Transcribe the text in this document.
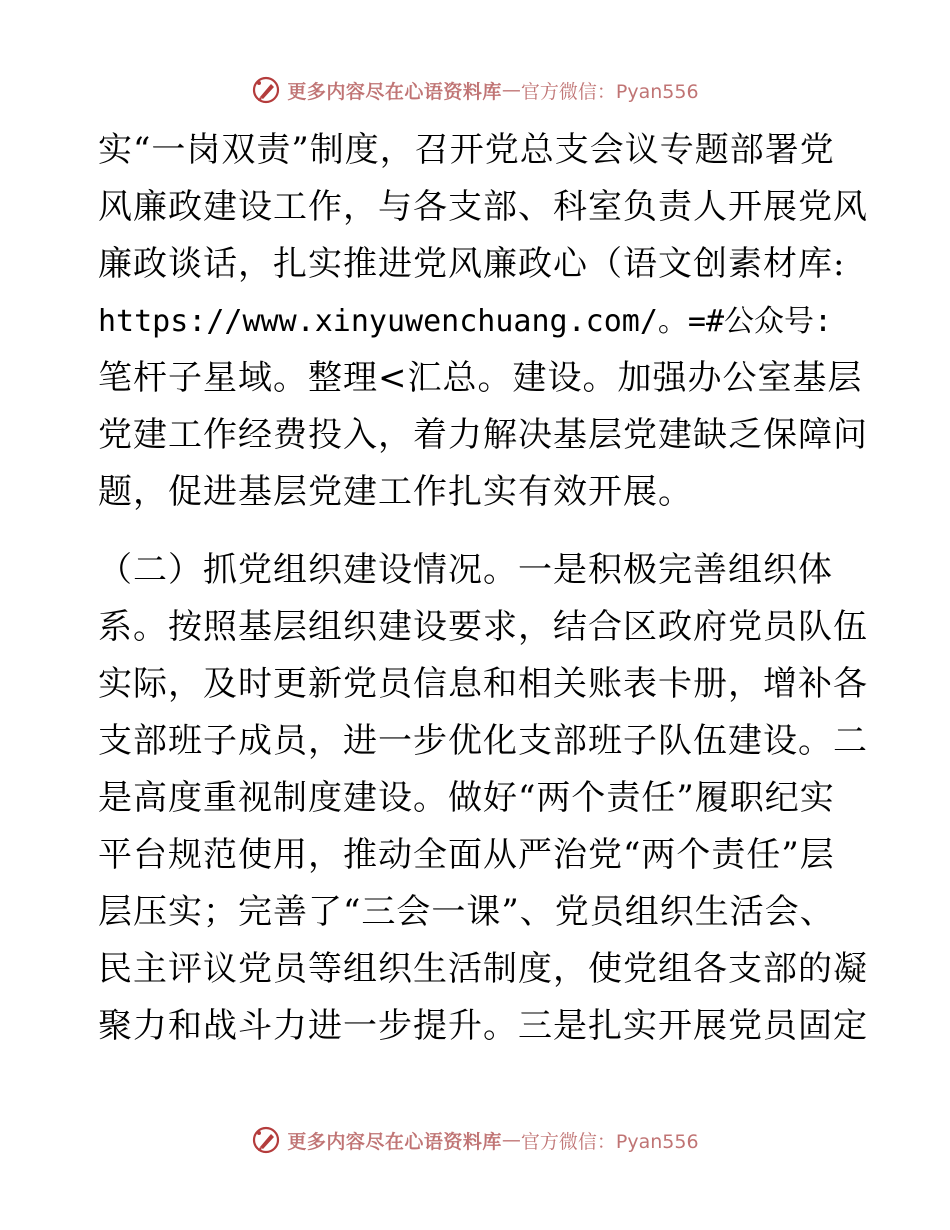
更多内容尽在心语资料库 — 官方微信：Pyan556
实“一岗双责”制度，召开党总支会议专题部署党
风廉政建设工作，与各支部、科室负责人开展党风
廉政谈话，扎实推进党风廉政心（语文创素材库:
https://www.xinyuwenchuang.com/。=#公众号:
笔杆子星域。整理<汇总。建设。加强办公室基层
党建工作经费投入，着力解决基层党建缺乏保障问
题，促进基层党建工作扎实有效开展。
（二）抓党组织建设情况。一是积极完善组织体
系。按照基层组织建设要求，结合区政府党员队伍
实际，及时更新党员信息和相关账表卡册，增补各
支部班子成员，进一步优化支部班子队伍建设。二
是高度重视制度建设。做好“两个责任”履职纪实
平台规范使用，推动全面从严治党“两个责任”层
层压实；完善了“三会一课”、党员组织生活会、
民主评议党员等组织生活制度，使党组各支部的凝
聚力和战斗力进一步提升。三是扎实开展党员固定
更多内容尽在心语资料库 — 官方微信：Pyan556
